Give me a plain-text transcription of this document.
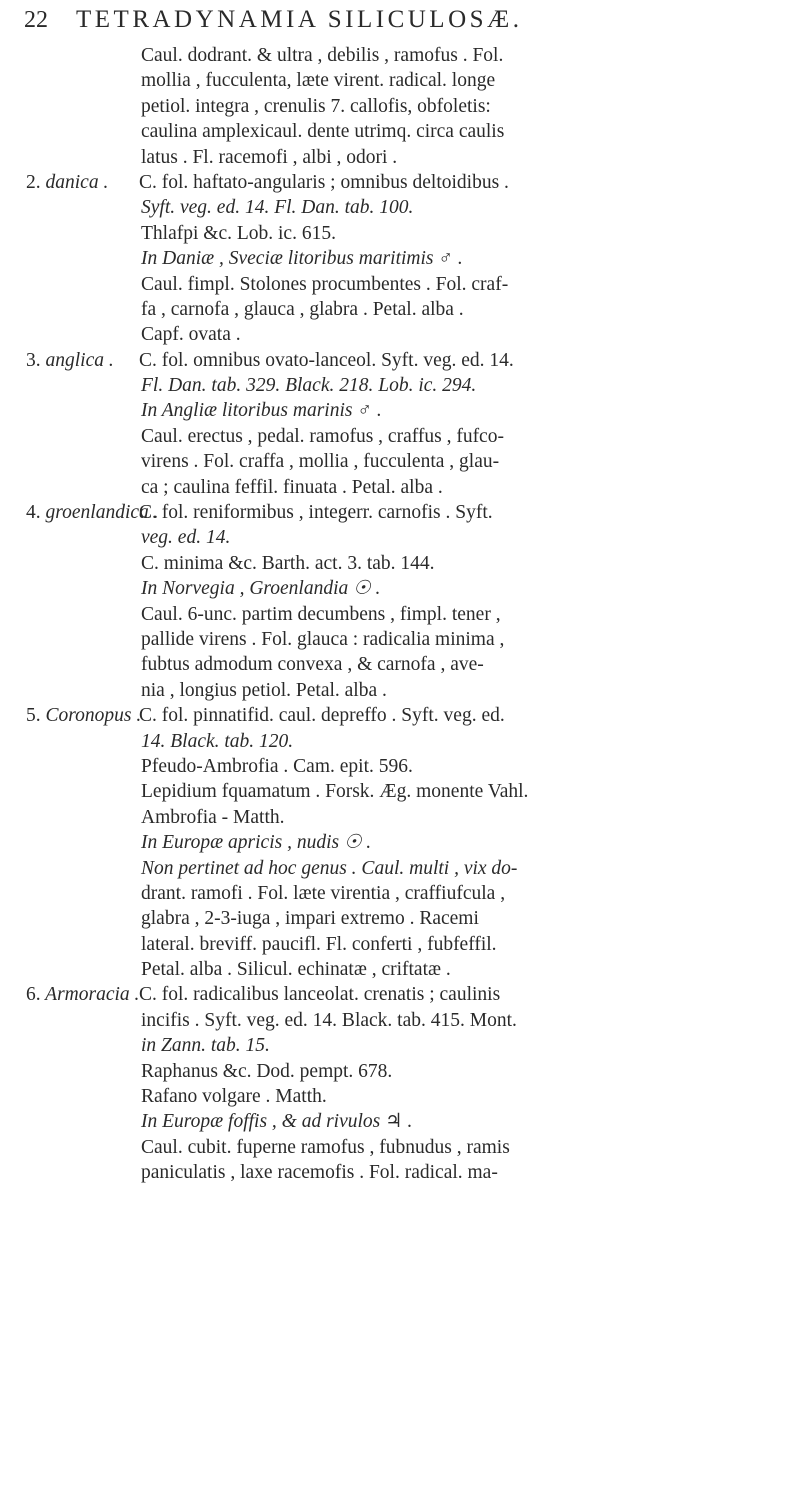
22	TETRADYNAMIA SILICULOSÆ.
Caul. dodrant. & ultra , debilis , ramofus . Fol.
mollia , fucculenta, læte virent. radical. longe
petiol. integra , crenulis 7. callofis, obfoletis:
caulina amplexicaul. dente utrimq. circa caulis
latus . Fl. racemofi , albi , odori .
2. danica . C. fol. haftato-angularis ; omnibus deltoidibus .
Syft. veg. ed. 14. Fl. Dan. tab. 100.
Thlafpi &c. Lob. ic. 615.
In Daniæ , Sveciæ litoribus maritimis ♂ .
Caul. fimpl. Stolones procumbentes . Fol. craf-
fa , carnofa , glauca , glabra . Petal. alba .
Capf. ovata .
3. anglica . C. fol. omnibus ovato-lanceol. Syft. veg. ed. 14.
Fl. Dan. tab. 329. Black. 218. Lob. ic. 294.
In Angliæ litoribus marinis ♂ .
Caul. erectus , pedal. ramofus , craffus , fufco-
virens . Fol. craffa , mollia , fucculenta , glau-
ca ; caulina feffil. finuata . Petal. alba .
4. groenlandica .
C. fol. reniformibus , integerr. carnofis . Syft.
veg. ed. 14.
C. minima &c. Barth. act. 3. tab. 144.
In Norvegia , Groenlandia ☉ .
Caul. 6-unc. partim decumbens , fimpl. tener ,
pallide virens . Fol. glauca : radicalia minima ,
fubtus admodum convexa , & carnofa , ave-
nia , longius petiol. Petal. alba .
5. Coronopus .
C. fol. pinnatifid. caul. depreffo . Syft. veg. ed.
14. Black. tab. 120.
Pfeudo-Ambrofia . Cam. epit. 596.
Lepidium fquamatum . Forsk. Æg. monente Vahl.
Ambrofia - Matth.
In Europæ apricis , nudis ☉ .
Non pertinet ad hoc genus . Caul. multi , vix do-
drant. ramofi . Fol. læte virentia , craffiufcula ,
glabra , 2-3-iuga , impari extremo . Racemi
lateral. breviff. paucifl. Fl. conferti , fubfeffil.
Petal. alba . Silicul. echinatæ , criftatæ .
6. Armoracia . C. fol. radicalibus lanceolat. crenatis ; caulinis
incifis . Syft. veg. ed. 14. Black. tab. 415. Mont.
in Zann. tab. 15.
Raphanus &c. Dod. pempt. 678.
Rafano volgare . Matth.
In Europæ foffis , & ad rivulos ♃ .
Caul. cubit. fuperne ramofus , fubnudus , ramis
paniculatis , laxe racemofis . Fol. radical. ma-
